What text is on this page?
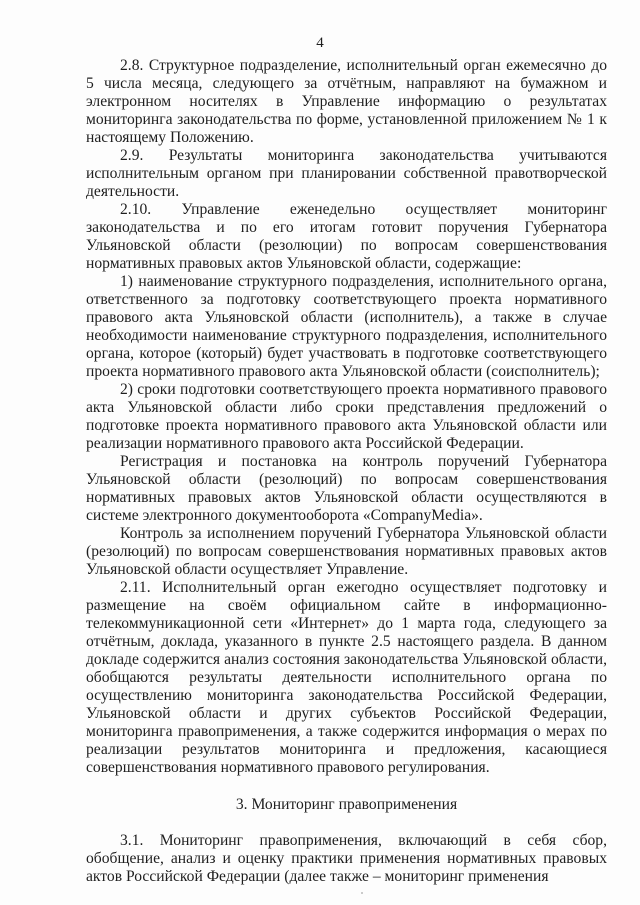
4

2.8. Структурное подразделение, исполнительный орган ежемесячно до 5 числа месяца, следующего за отчётным, направляют на бумажном и электронном носителях в Управление информацию о результатах мониторинга законодательства по форме, установленной приложением № 1 к настоящему Положению.

2.9. Результаты мониторинга законодательства учитываются исполнительным органом при планировании собственной правотворческой деятельности.

2.10. Управление еженедельно осуществляет мониторинг законодательства и по его итогам готовит поручения Губернатора Ульяновской области (резолюции) по вопросам совершенствования нормативных правовых актов Ульяновской области, содержащие:

1) наименование структурного подразделения, исполнительного органа, ответственного за подготовку соответствующего проекта нормативного правового акта Ульяновской области (исполнитель), а также в случае необходимости наименование структурного подразделения, исполнительного органа, которое (который) будет участвовать в подготовке соответствующего проекта нормативного правового акта Ульяновской области (соисполнитель);

2) сроки подготовки соответствующего проекта нормативного правового акта Ульяновской области либо сроки представления предложений о подготовке проекта нормативного правового акта Ульяновской области или реализации нормативного правового акта Российской Федерации.

Регистрация и постановка на контроль поручений Губернатора Ульяновской области (резолюций) по вопросам совершенствования нормативных правовых актов Ульяновской области осуществляются в системе электронного документооборота «CompanyMedia».

Контроль за исполнением поручений Губернатора Ульяновской области (резолюций) по вопросам совершенствования нормативных правовых актов Ульяновской области осуществляет Управление.

2.11. Исполнительный орган ежегодно осуществляет подготовку и размещение на своём официальном сайте в информационно-телекоммуникационной сети «Интернет» до 1 марта года, следующего за отчётным, доклада, указанного в пункте 2.5 настоящего раздела. В данном докладе содержится анализ состояния законодательства Ульяновской области, обобщаются результаты деятельности исполнительного органа по осуществлению мониторинга законодательства Российской Федерации, Ульяновской области и других субъектов Российской Федерации, мониторинга правоприменения, а также содержится информация о мерах по реализации результатов мониторинга и предложения, касающиеся совершенствования нормативного правового регулирования.

3. Мониторинг правоприменения

3.1. Мониторинг правоприменения, включающий в себя сбор, обобщение, анализ и оценку практики применения нормативных правовых актов Российской Федерации (далее также – мониторинг применения
